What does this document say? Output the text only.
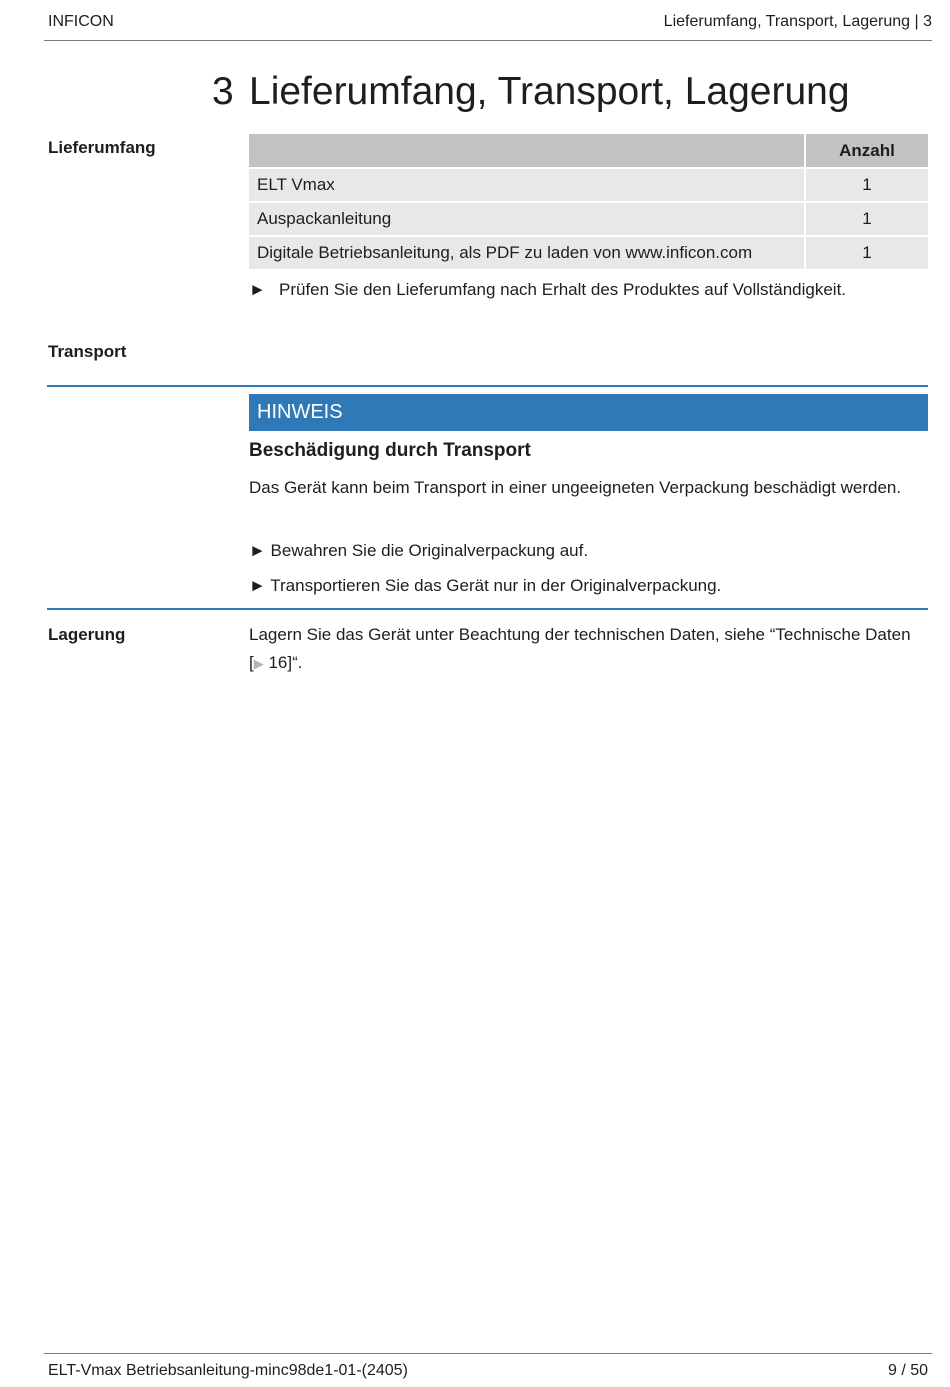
INFICON	Lieferumfang, Transport, Lagerung | 3
3 Lieferumfang, Transport, Lagerung
Lieferumfang
		Anzahl
ELT Vmax	1
Auspackanleitung	1
Digitale Betriebsanleitung, als PDF zu laden von www.inficon.com	1
► Prüfen Sie den Lieferumfang nach Erhalt des Produktes auf Vollständigkeit.
Transport
HINWEIS
Beschädigung durch Transport
Das Gerät kann beim Transport in einer ungeeigneten Verpackung beschädigt werden.
► Bewahren Sie die Originalverpackung auf.
► Transportieren Sie das Gerät nur in der Originalverpackung.
Lagerung	Lagern Sie das Gerät unter Beachtung der technischen Daten, siehe “Technische Daten [▶ 16]“.
ELT-Vmax Betriebsanleitung-minc98de1-01-(2405)	9 / 50
